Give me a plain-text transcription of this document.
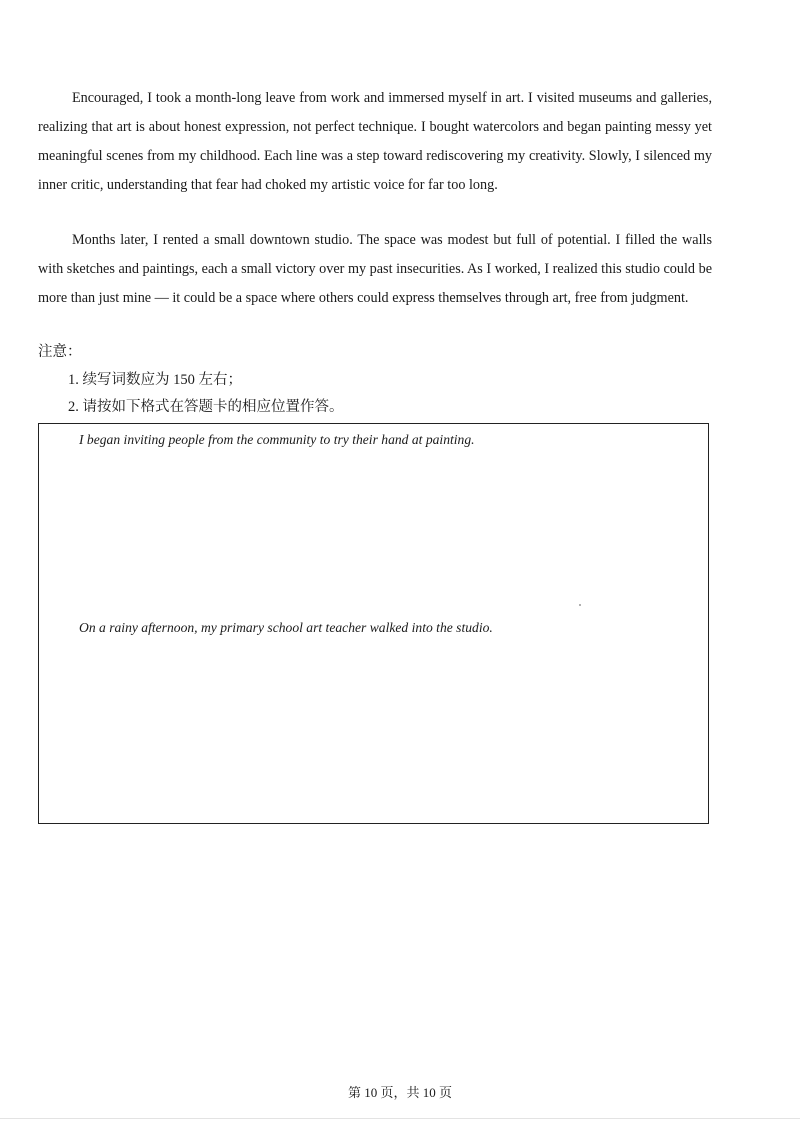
Encouraged, I took a month-long leave from work and immersed myself in art. I visited museums and galleries, realizing that art is about honest expression, not perfect technique. I bought watercolors and began painting messy yet meaningful scenes from my childhood. Each line was a step toward rediscovering my creativity. Slowly, I silenced my inner critic, understanding that fear had choked my artistic voice for far too long.

Months later, I rented a small downtown studio. The space was modest but full of potential. I filled the walls with sketches and paintings, each a small victory over my past insecurities. As I worked, I realized this studio could be more than just mine — it could be a space where others could express themselves through art, free from judgment.

注意：

1. 续写词数应为 150 左右；

2. 请按如下格式在答题卡的相应位置作答。

I began inviting people from the community to try their hand at painting.

On a rainy afternoon, my primary school art teacher walked into the studio.

第 10 页，共 10 页
